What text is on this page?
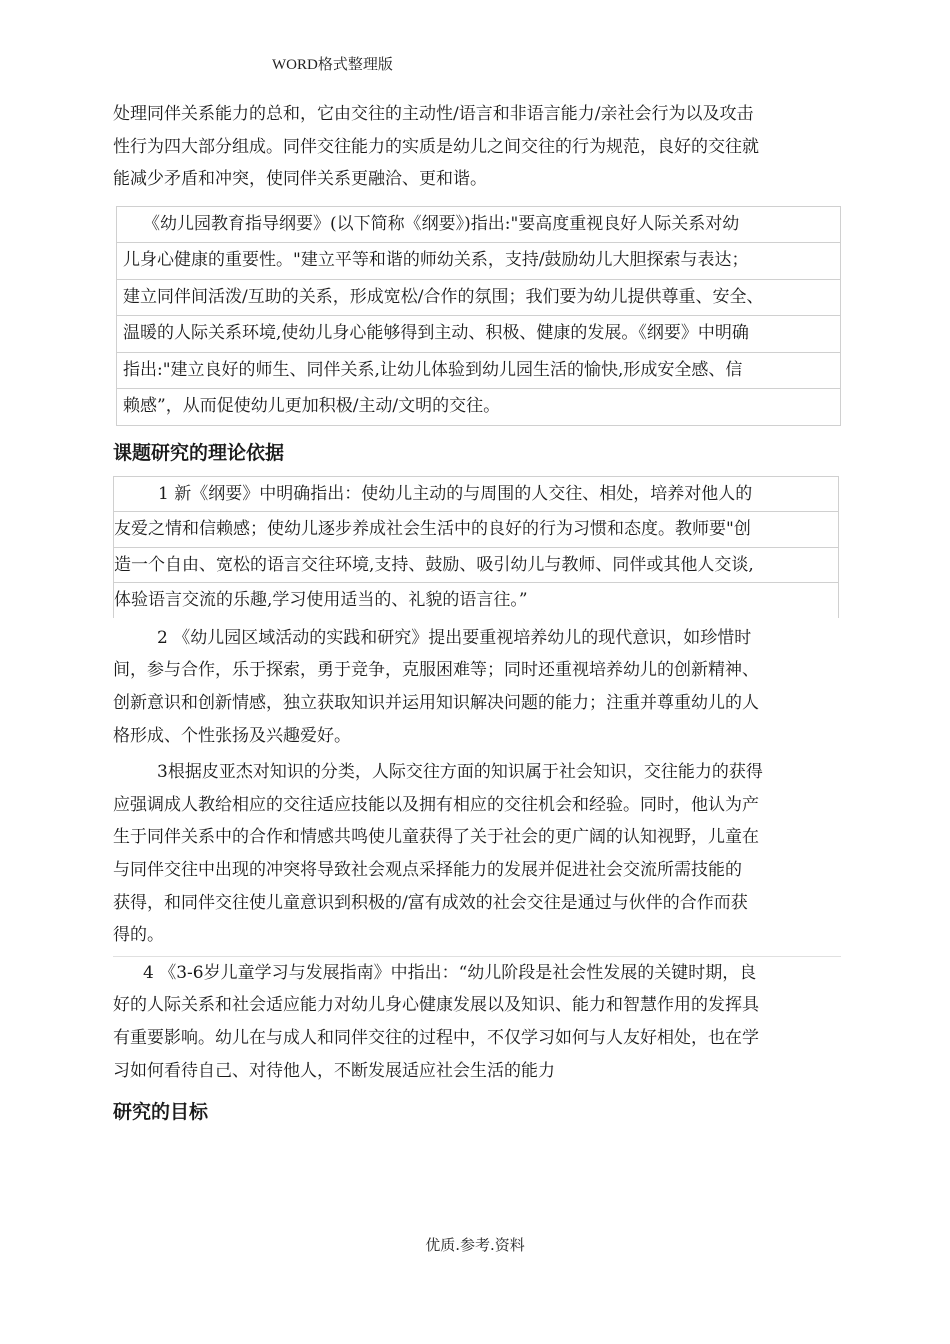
WORD格式整理版
处理同伴关系能力的总和，它由交往的主动性/语言和非语言能力/亲社会行为以及攻击
性行为四大部分组成。同伴交往能力的实质是幼儿之间交往的行为规范，良好的交往就
能减少矛盾和冲突，使同伴关系更融洽、更和谐。
《幼儿园教育指导纲要》(以下简称《纲要》)指出:"要高度重视良好人际关系对幼
儿身心健康的重要性。"建立平等和谐的师幼关系，支持/鼓励幼儿大胆探索与表达；
建立同伴间活泼/互助的关系，形成宽松/合作的氛围；我们要为幼儿提供尊重、安全、
温暖的人际关系环境,使幼儿身心能够得到主动、积极、健康的发展。《纲要》中明确
指出:"建立良好的师生、同伴关系,让幼儿体验到幼儿园生活的愉快,形成安全感、信
赖感”，从而促使幼儿更加积极/主动/文明的交往。
课题研究的理论依据
1 新《纲要》中明确指出：使幼儿主动的与周围的人交往、相处，培养对他人的
友爱之情和信赖感；使幼儿逐步养成社会生活中的良好的行为习惯和态度。教师要"创
造一个自由、宽松的语言交往环境,支持、鼓励、吸引幼儿与教师、同伴或其他人交谈,
体验语言交流的乐趣,学习使用适当的、礼貌的语言往。”
2 《幼儿园区域活动的实践和研究》提出要重视培养幼儿的现代意识，如珍惜时
间，参与合作，乐于探索，勇于竞争，克服困难等；同时还重视培养幼儿的创新精神、
创新意识和创新情感，独立获取知识并运用知识解决问题的能力；注重并尊重幼儿的人
格形成、个性张扬及兴趣爱好。
3根据皮亚杰对知识的分类，人际交往方面的知识属于社会知识，交往能力的获得
应强调成人教给相应的交往适应技能以及拥有相应的交往机会和经验。同时，他认为产
生于同伴关系中的合作和情感共鸣使儿童获得了关于社会的更广阔的认知视野，儿童在
与同伴交往中出现的冲突将导致社会观点采择能力的发展并促进社会交流所需技能的
获得，和同伴交往使儿童意识到积极的/富有成效的社会交往是通过与伙伴的合作而获
得的。
4 《3-6岁儿童学习与发展指南》中指出：“幼儿阶段是社会性发展的关键时期，良
好的人际关系和社会适应能力对幼儿身心健康发展以及知识、能力和智慧作用的发挥具
有重要影响。幼儿在与成人和同伴交往的过程中，不仅学习如何与人友好相处，也在学
习如何看待自己、对待他人，不断发展适应社会生活的能力
研究的目标
优质.参考.资料
